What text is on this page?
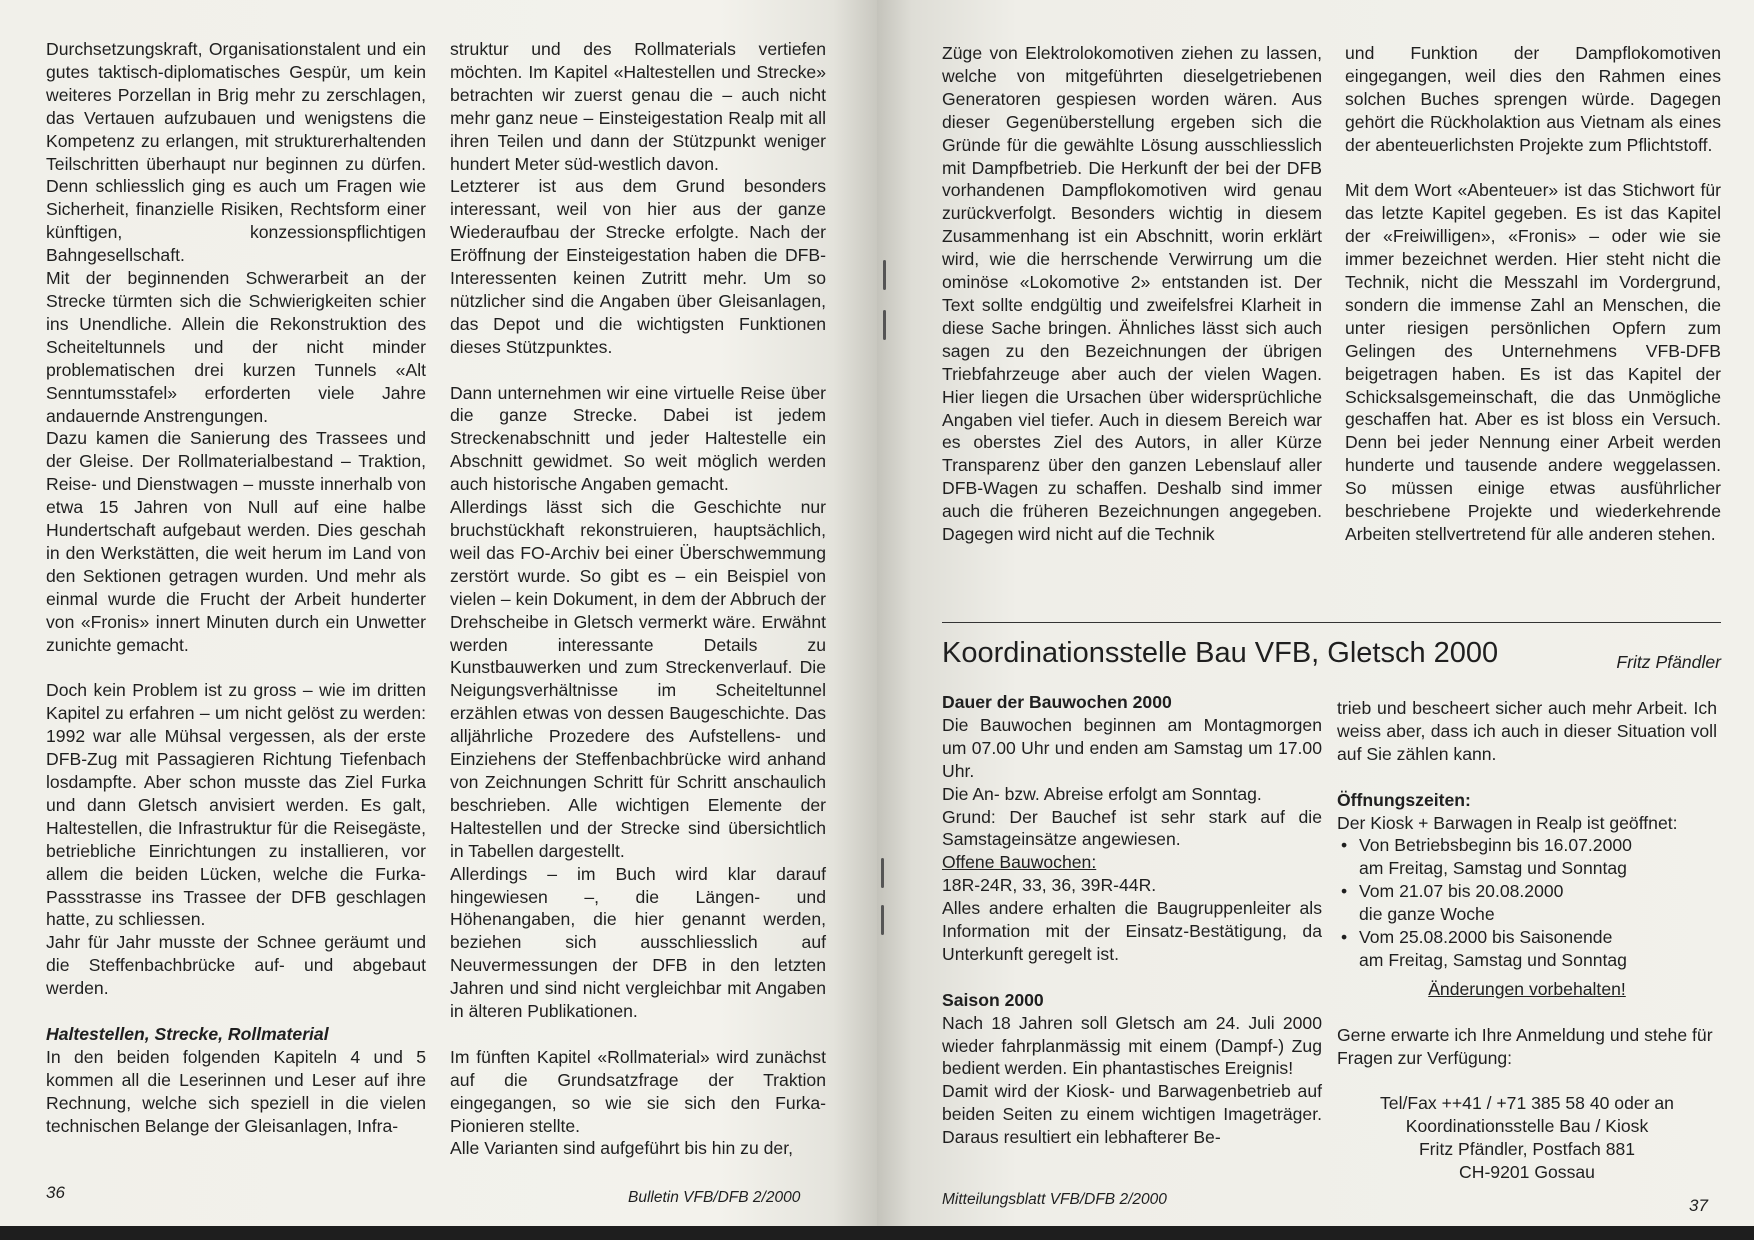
Durchsetzungskraft, Organisationstalent und ein gutes taktisch-diplomatisches Gespür, um kein weiteres Porzellan in Brig mehr zu zerschlagen, das Vertauen aufzubauen und wenigstens die Kompetenz zu erlangen, mit strukturerhaltenden Teilschritten überhaupt nur beginnen zu dürfen. Denn schliesslich ging es auch um Fragen wie Sicherheit, finanzielle Risiken, Rechtsform einer künftigen, konzessionspflichtigen Bahngesellschaft.

Mit der beginnenden Schwerarbeit an der Strecke türmten sich die Schwierigkeiten schier ins Unendliche. Allein die Rekonstruktion des Scheiteltunnels und der nicht minder problematischen drei kurzen Tunnels «Alt Senntumsstafel» erforderten viele Jahre andauernde Anstrengungen.

Dazu kamen die Sanierung des Trassees und der Gleise. Der Rollmaterialbestand – Traktion, Reise- und Dienstwagen – musste innerhalb von etwa 15 Jahren von Null auf eine halbe Hundertschaft aufgebaut werden. Dies geschah in den Werkstätten, die weit herum im Land von den Sektionen getragen wurden. Und mehr als einmal wurde die Frucht der Arbeit hunderter von «Fronis» innert Minuten durch ein Unwetter zunichte gemacht.

Doch kein Problem ist zu gross – wie im dritten Kapitel zu erfahren – um nicht gelöst zu werden: 1992 war alle Mühsal vergessen, als der erste DFB-Zug mit Passagieren Richtung Tiefenbach losdampfte. Aber schon musste das Ziel Furka und dann Gletsch anvisiert werden. Es galt, Haltestellen, die Infrastruktur für die Reisegäste, betriebliche Einrichtungen zu installieren, vor allem die beiden Lücken, welche die Furka-Passstrasse ins Trassee der DFB geschlagen hatte, zu schliessen.

Jahr für Jahr musste der Schnee geräumt und die Steffenbachbrücke auf- und abgebaut werden.

Haltestellen, Strecke, Rollmaterial

In den beiden folgenden Kapiteln 4 und 5 kommen all die Leserinnen und Leser auf ihre Rechnung, welche sich speziell in die vielen technischen Belange der Gleisanlagen, Infra-

struktur und des Rollmaterials vertiefen möchten. Im Kapitel «Haltestellen und Strecke» betrachten wir zuerst genau die – auch nicht mehr ganz neue – Einsteigestation Realp mit all ihren Teilen und dann der Stützpunkt weniger hundert Meter süd-westlich davon.

Letzterer ist aus dem Grund besonders interessant, weil von hier aus der ganze Wiederaufbau der Strecke erfolgte. Nach der Eröffnung der Einsteigestation haben die DFB-Interessenten keinen Zutritt mehr. Um so nützlicher sind die Angaben über Gleisanlagen, das Depot und die wichtigsten Funktionen dieses Stützpunktes.

Dann unternehmen wir eine virtuelle Reise über die ganze Strecke. Dabei ist jedem Streckenabschnitt und jeder Haltestelle ein Abschnitt gewidmet. So weit möglich werden auch historische Angaben gemacht.

Allerdings lässt sich die Geschichte nur bruchstückhaft rekonstruieren, hauptsächlich, weil das FO-Archiv bei einer Überschwemmung zerstört wurde. So gibt es – ein Beispiel von vielen – kein Dokument, in dem der Abbruch der Drehscheibe in Gletsch vermerkt wäre. Erwähnt werden interessante Details zu Kunstbauwerken und zum Streckenverlauf. Die Neigungsverhältnisse im Scheiteltunnel erzählen etwas von dessen Baugeschichte. Das alljährliche Prozedere des Aufstellens- und Einziehens der Steffenbachbrücke wird anhand von Zeichnungen Schritt für Schritt anschaulich beschrieben. Alle wichtigen Elemente der Haltestellen und der Strecke sind übersichtlich in Tabellen dargestellt.

Allerdings – im Buch wird klar darauf hingewiesen –, die Längen- und Höhenangaben, die hier genannt werden, beziehen sich ausschliesslich auf Neuvermessungen der DFB in den letzten Jahren und sind nicht vergleichbar mit Angaben in älteren Publikationen.

Im fünften Kapitel «Rollmaterial» wird zunächst auf die Grundsatzfrage der Traktion eingegangen, so wie sie sich den Furka-Pionieren stellte.

Alle Varianten sind aufgeführt bis hin zu der,

36	Bulletin VFB/DFB 2/2000

Züge von Elektrolokomotiven ziehen zu lassen, welche von mitgeführten dieselgetriebenen Generatoren gespiesen worden wären. Aus dieser Gegenüberstellung ergeben sich die Gründe für die gewählte Lösung ausschliesslich mit Dampfbetrieb. Die Herkunft der bei der DFB vorhandenen Dampflokomotiven wird genau zurückverfolgt. Besonders wichtig in diesem Zusammenhang ist ein Abschnitt, worin erklärt wird, wie die herrschende Verwirrung um die ominöse «Lokomotive 2» entstanden ist. Der Text sollte endgültig und zweifelsfrei Klarheit in diese Sache bringen. Ähnliches lässt sich auch sagen zu den Bezeichnungen der übrigen Triebfahrzeuge aber auch der vielen Wagen. Hier liegen die Ursachen über widersprüchliche Angaben viel tiefer. Auch in diesem Bereich war es oberstes Ziel des Autors, in aller Kürze Transparenz über den ganzen Lebenslauf aller DFB-Wagen zu schaffen. Deshalb sind immer auch die früheren Bezeichnungen angegeben. Dagegen wird nicht auf die Technik

und Funktion der Dampflokomotiven eingegangen, weil dies den Rahmen eines solchen Buches sprengen würde. Dagegen gehört die Rückholaktion aus Vietnam als eines der abenteuerlichsten Projekte zum Pflichtstoff.

Mit dem Wort «Abenteuer» ist das Stichwort für das letzte Kapitel gegeben. Es ist das Kapitel der «Freiwilligen», «Fronis» – oder wie sie immer bezeichnet werden. Hier steht nicht die Technik, nicht die Messzahl im Vordergrund, sondern die immense Zahl an Menschen, die unter riesigen persönlichen Opfern zum Gelingen des Unternehmens VFB-DFB beigetragen haben. Es ist das Kapitel der Schicksalsgemeinschaft, die das Unmögliche geschaffen hat. Aber es ist bloss ein Versuch. Denn bei jeder Nennung einer Arbeit werden hunderte und tausende andere weggelassen. So müssen einige etwas ausführlicher beschriebene Projekte und wiederkehrende Arbeiten stellvertretend für alle anderen stehen.

Koordinationsstelle Bau VFB, Gletsch 2000	Fritz Pfändler
Dauer der Bauwochen 2000

Die Bauwochen beginnen am Montagmorgen um 07.00 Uhr und enden am Samstag um 17.00 Uhr.

Die An- bzw. Abreise erfolgt am Sonntag.

Grund: Der Bauchef ist sehr stark auf die Samstageinsätze angewiesen.

Offene Bauwochen:

18R-24R, 33, 36, 39R-44R.

Alles andere erhalten die Baugruppenleiter als Information mit der Einsatz-Bestätigung, da Unterkunft geregelt ist.

Saison 2000

Nach 18 Jahren soll Gletsch am 24. Juli 2000 wieder fahrplanmässig mit einem (Dampf-) Zug bedient werden. Ein phantastisches Ereignis!

Damit wird der Kiosk- und Barwagenbetrieb auf beiden Seiten zu einem wichtigen Imageträger. Daraus resultiert ein lebhafterer Be-

trieb und bescheert sicher auch mehr Arbeit. Ich weiss aber, dass ich auch in dieser Situation voll auf Sie zählen kann.

Öffnungszeiten:

Der Kiosk + Barwagen in Realp ist geöffnet:

• Von Betriebsbeginn bis 16.07.2000
am Freitag, Samstag und Sonntag
• Vom 21.07 bis 20.08.2000
die ganze Woche
• Vom 25.08.2000 bis Saisonende
am Freitag, Samstag und Sonntag

Änderungen vorbehalten!

Gerne erwarte ich Ihre Anmeldung und stehe für Fragen zur Verfügung:

Tel/Fax ++41 / +71 385 58 40 oder an
Koordinationsstelle Bau / Kiosk
Fritz Pfändler, Postfach 881
CH-9201 Gossau
Mitteilungsblatt VFB/DFB 2/2000	37
